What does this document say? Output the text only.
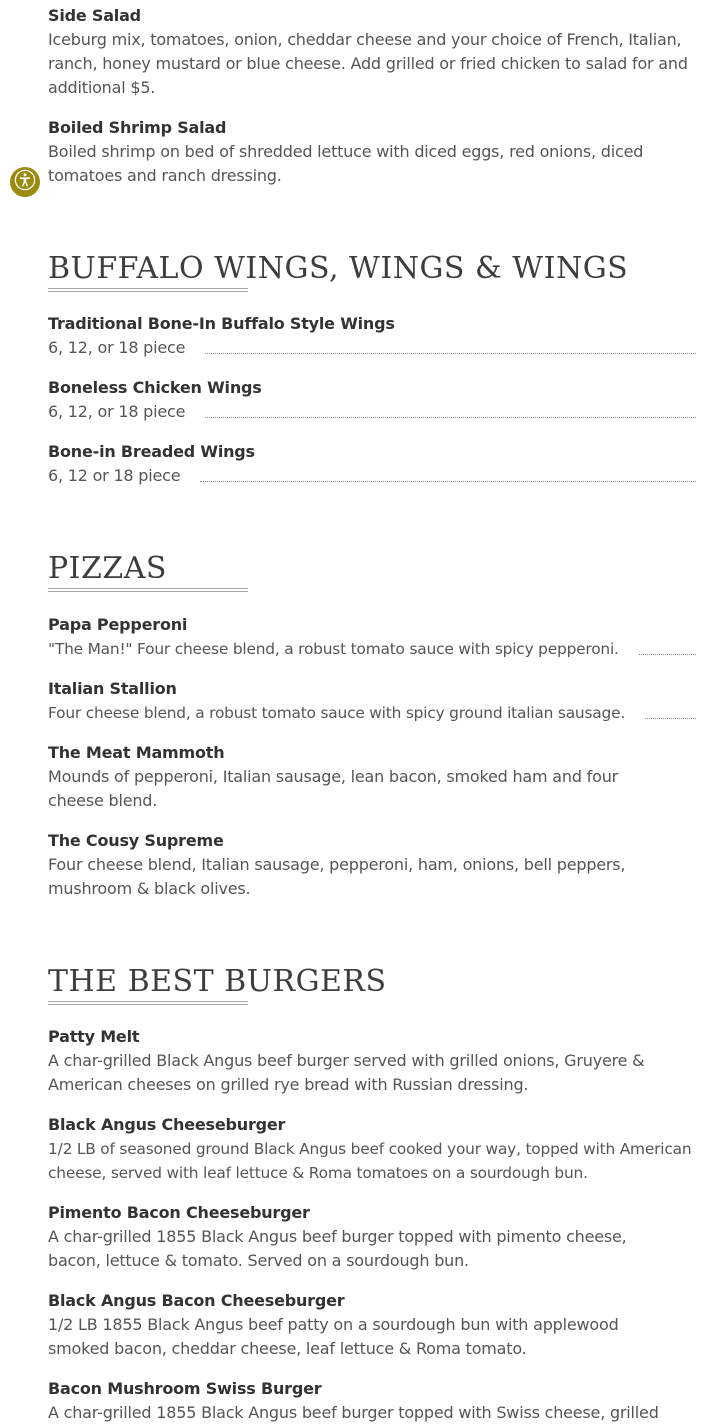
Side Salad
Iceburg mix, tomatoes, onion, cheddar cheese and your choice of French, Italian, ranch, honey mustard or blue cheese. Add grilled or fried chicken to salad for and additional $5.
Boiled Shrimp Salad
Boiled shrimp on bed of shredded lettuce with diced eggs, red onions, diced tomatoes and ranch dressing.
BUFFALO WINGS, WINGS & WINGS
Traditional Bone-In Buffalo Style Wings
6, 12, or 18 piece
Boneless Chicken Wings
6, 12, or 18 piece
Bone-in Breaded Wings
6, 12 or 18 piece
PIZZAS
Papa Pepperoni
"The Man!" Four cheese blend, a robust tomato sauce with spicy pepperoni.
Italian Stallion
Four cheese blend, a robust tomato sauce with spicy ground italian sausage.
The Meat Mammoth
Mounds of pepperoni, Italian sausage, lean bacon, smoked ham and four cheese blend.
The Cousy Supreme
Four cheese blend, Italian sausage, pepperoni, ham, onions, bell peppers, mushroom & black olives.
THE BEST BURGERS
Patty Melt
A char-grilled Black Angus beef burger served with grilled onions, Gruyere & American cheeses on grilled rye bread with Russian dressing.
Black Angus Cheeseburger
1/2 LB of seasoned ground Black Angus beef cooked your way, topped with American cheese, served with leaf lettuce & Roma tomatoes on a sourdough bun.
Pimento Bacon Cheeseburger
A char-grilled 1855 Black Angus beef burger topped with pimento cheese, bacon, lettuce & tomato. Served on a sourdough bun.
Black Angus Bacon Cheeseburger
1/2 LB 1855 Black Angus beef patty on a sourdough bun with applewood smoked bacon, cheddar cheese, leaf lettuce & Roma tomato.
Bacon Mushroom Swiss Burger
A char-grilled 1855 Black Angus beef burger topped with Swiss cheese, grilled
